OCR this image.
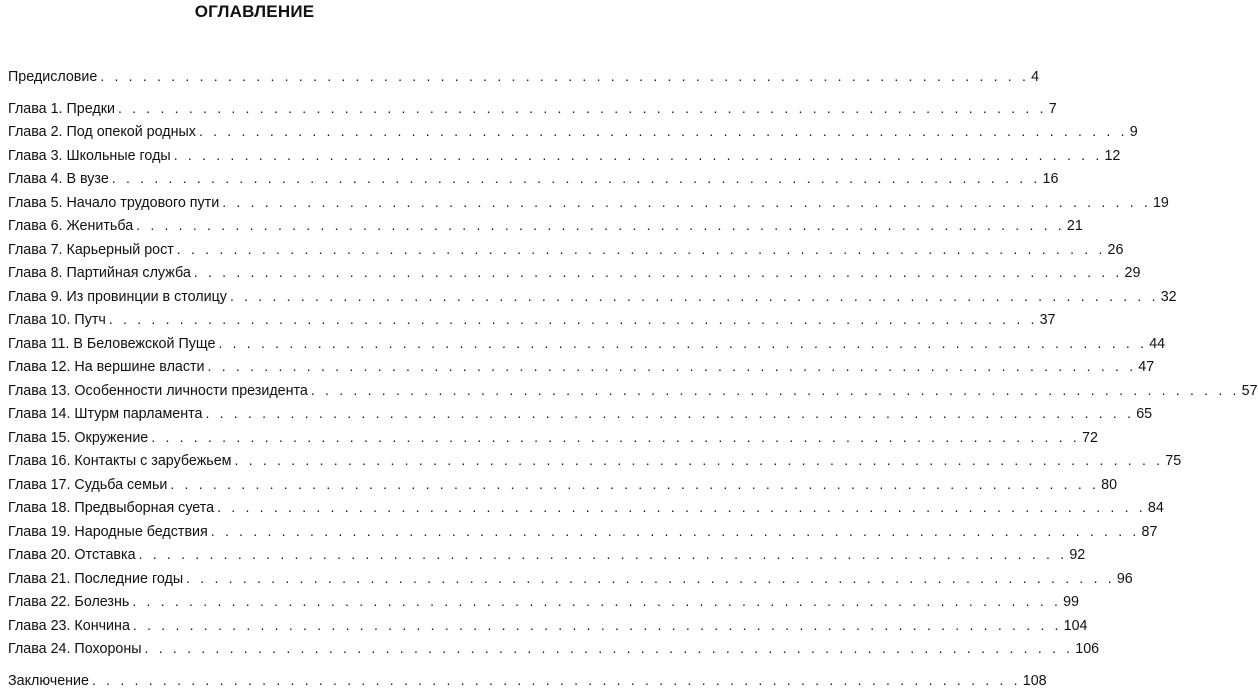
ОГЛАВЛЕНИЕ
Предисловие . . . . . . . . . . . . . . . . . . . . . . . . . . . . . . . . . . . . . . . . . . . . . . . . . . . . . . . . . . . . . . . . . . 4
Глава 1. Предки . . . . . . . . . . . . . . . . . . . . . . . . . . . . . . . . . . . . . . . . . . . . . . . . . . . . . . . . . . . . . . . . . . 7
Глава 2. Под опекой родных . . . . . . . . . . . . . . . . . . . . . . . . . . . . . . . . . . . . . . . . . . . . . . . . . . . . . . . . . . . . . . . . . . 9
Глава 3. Школьные годы . . . . . . . . . . . . . . . . . . . . . . . . . . . . . . . . . . . . . . . . . . . . . . . . . . . . . . . . . . . . . . . . . . 12
Глава 4. В вузе . . . . . . . . . . . . . . . . . . . . . . . . . . . . . . . . . . . . . . . . . . . . . . . . . . . . . . . . . . . . . . . . . . 16
Глава 5. Начало трудового пути . . . . . . . . . . . . . . . . . . . . . . . . . . . . . . . . . . . . . . . . . . . . . . . . . . . . . . . . . . . . . . . . . . 19
Глава 6. Женитьба . . . . . . . . . . . . . . . . . . . . . . . . . . . . . . . . . . . . . . . . . . . . . . . . . . . . . . . . . . . . . . . . . . 21
Глава 7. Карьерный рост . . . . . . . . . . . . . . . . . . . . . . . . . . . . . . . . . . . . . . . . . . . . . . . . . . . . . . . . . . . . . . . . . . 26
Глава 8. Партийная служба . . . . . . . . . . . . . . . . . . . . . . . . . . . . . . . . . . . . . . . . . . . . . . . . . . . . . . . . . . . . . . . . . . 29
Глава 9. Из провинции в столицу . . . . . . . . . . . . . . . . . . . . . . . . . . . . . . . . . . . . . . . . . . . . . . . . . . . . . . . . . . . . . . . . . . 32
Глава 10. Путч . . . . . . . . . . . . . . . . . . . . . . . . . . . . . . . . . . . . . . . . . . . . . . . . . . . . . . . . . . . . . . . . . . 37
Глава 11. В Беловежской Пуще . . . . . . . . . . . . . . . . . . . . . . . . . . . . . . . . . . . . . . . . . . . . . . . . . . . . . . . . . . . . . . . . . . 44
Глава 12. На вершине власти . . . . . . . . . . . . . . . . . . . . . . . . . . . . . . . . . . . . . . . . . . . . . . . . . . . . . . . . . . . . . . . . . . 47
Глава 13. Особенности личности президента . . . . . . . . . . . . . . . . . . . . . . . . . . . . . . . . . . . . . . . . . . . . . . . . . . . . . . . . . . . . . . . . . . 57
Глава 14. Штурм парламента . . . . . . . . . . . . . . . . . . . . . . . . . . . . . . . . . . . . . . . . . . . . . . . . . . . . . . . . . . . . . . . . . . 65
Глава 15. Окружение . . . . . . . . . . . . . . . . . . . . . . . . . . . . . . . . . . . . . . . . . . . . . . . . . . . . . . . . . . . . . . . . . . 72
Глава 16. Контакты с зарубежьем . . . . . . . . . . . . . . . . . . . . . . . . . . . . . . . . . . . . . . . . . . . . . . . . . . . . . . . . . . . . . . . . . . 75
Глава 17. Судьба семьи . . . . . . . . . . . . . . . . . . . . . . . . . . . . . . . . . . . . . . . . . . . . . . . . . . . . . . . . . . . . . . . . . . 80
Глава 18. Предвыборная суета . . . . . . . . . . . . . . . . . . . . . . . . . . . . . . . . . . . . . . . . . . . . . . . . . . . . . . . . . . . . . . . . . . 84
Глава 19. Народные бедствия . . . . . . . . . . . . . . . . . . . . . . . . . . . . . . . . . . . . . . . . . . . . . . . . . . . . . . . . . . . . . . . . . . 87
Глава 20. Отставка . . . . . . . . . . . . . . . . . . . . . . . . . . . . . . . . . . . . . . . . . . . . . . . . . . . . . . . . . . . . . . . . . . 92
Глава 21. Последние годы . . . . . . . . . . . . . . . . . . . . . . . . . . . . . . . . . . . . . . . . . . . . . . . . . . . . . . . . . . . . . . . . . . 96
Глава 22. Болезнь . . . . . . . . . . . . . . . . . . . . . . . . . . . . . . . . . . . . . . . . . . . . . . . . . . . . . . . . . . . . . . . . . . 99
Глава 23. Кончина . . . . . . . . . . . . . . . . . . . . . . . . . . . . . . . . . . . . . . . . . . . . . . . . . . . . . . . . . . . . . . . . . . 104
Глава 24. Похороны . . . . . . . . . . . . . . . . . . . . . . . . . . . . . . . . . . . . . . . . . . . . . . . . . . . . . . . . . . . . . . . . . . 106
Заключение . . . . . . . . . . . . . . . . . . . . . . . . . . . . . . . . . . . . . . . . . . . . . . . . . . . . . . . . . . . . . . . . . . 108
